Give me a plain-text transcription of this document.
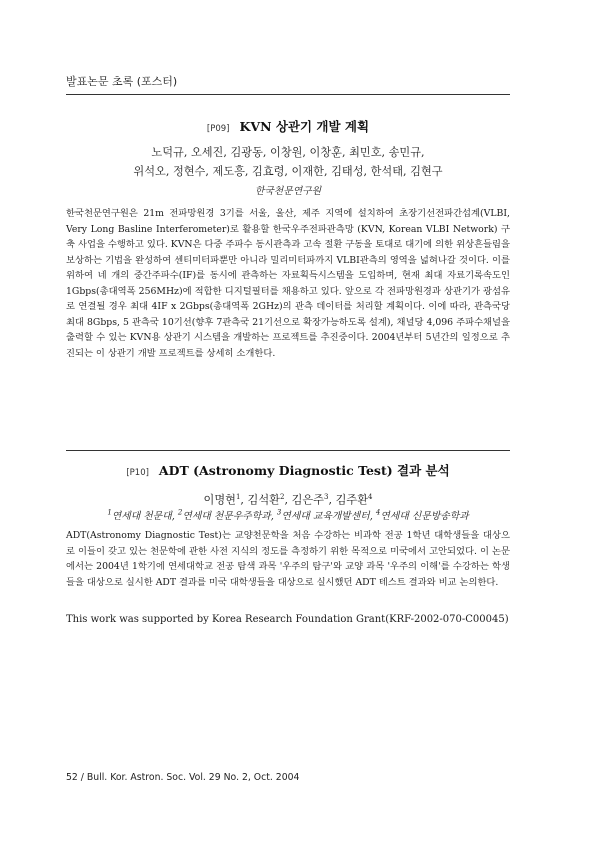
발표논문 초록 (포스터)
[P09] KVN 상관기 개발 계획
노덕규, 오세진, 김광동, 이창원, 이창훈, 최민호, 송민규,
위석오, 정현수, 제도흥, 김효령, 이재한, 김태성, 한석태, 김현구
한국천문연구원
한국천문연구원은 21m 전파망원경 3기를 서울, 울산, 제주 지역에 설치하여 초장기선전파간섭계(VLBI, Very Long Basline Interferometer)로 활용할 한국우주전파관측망 (KVN, Korean VLBI Network) 구축 사업을 수행하고 있다. KVN은 다중 주파수 동시관측과 고속 절환 구동을 토대로 대기에 의한 위상흔들림을 보상하는 기법을 완성하여 센티미터파뿐만 아니라 밀리미터파까지 VLBI관측의 영역을 넓혀나갈 것이다. 이를 위하여 네 개의 중간주파수(IF)를 동시에 관측하는 자료획득시스템을 도입하며, 현재 최대 자료기록속도인 1Gbps(총대역폭 256MHz)에 적합한 디지털필터를 채용하고 있다. 앞으로 각 전파망원경과 상관기가 광섬유로 연결될 경우 최대 4IF x 2Gbps(총대역폭 2GHz)의 관측 데이터를 처리할 계획이다. 이에 따라, 관측국당 최대 8Gbps, 5 관측국 10기선(향후 7관측국 21기선으로 확장가능하도록 설계), 채널당 4,096 주파수채널을 출력할 수 있는 KVN용 상관기 시스템을 개발하는 프로젝트를 추진중이다. 2004년부터 5년간의 일정으로 추진되는 이 상관기 개발 프로젝트를 상세히 소개한다.
[P10] ADT (Astronomy Diagnostic Test) 결과 분석
이명현$^1$, 김석환$^2$, 김은주$^3$, 김주환$^4$
$^1$연세대 천문대, $^2$연세대 천문우주학과, $^3$연세대 교육개발센터, $^4$연세대 신문방송학과
ADT(Astronomy Diagnostic Test)는 교양천문학을 처음 수강하는 비과학 전공 1학년 대학생들을 대상으로 이들이 갖고 있는 천문학에 관한 사전 지식의 정도를 측정하기 위한 목적으로 미국에서 고안되었다. 이 논문에서는 2004년 1학기에 연세대학교 전공 탐색 과목 '우주의 탐구'와 교양 과목 '우주의 이해'를 수강하는 학생들을 대상으로 실시한 ADT 결과를 미국 대학생들을 대상으로 실시했던 ADT 테스트 결과와 비교 논의한다.
This work was supported by Korea Research Foundation Grant(KRF-2002-070-C00045)
52 / Bull. Kor. Astron. Soc. Vol. 29 No. 2, Oct. 2004
